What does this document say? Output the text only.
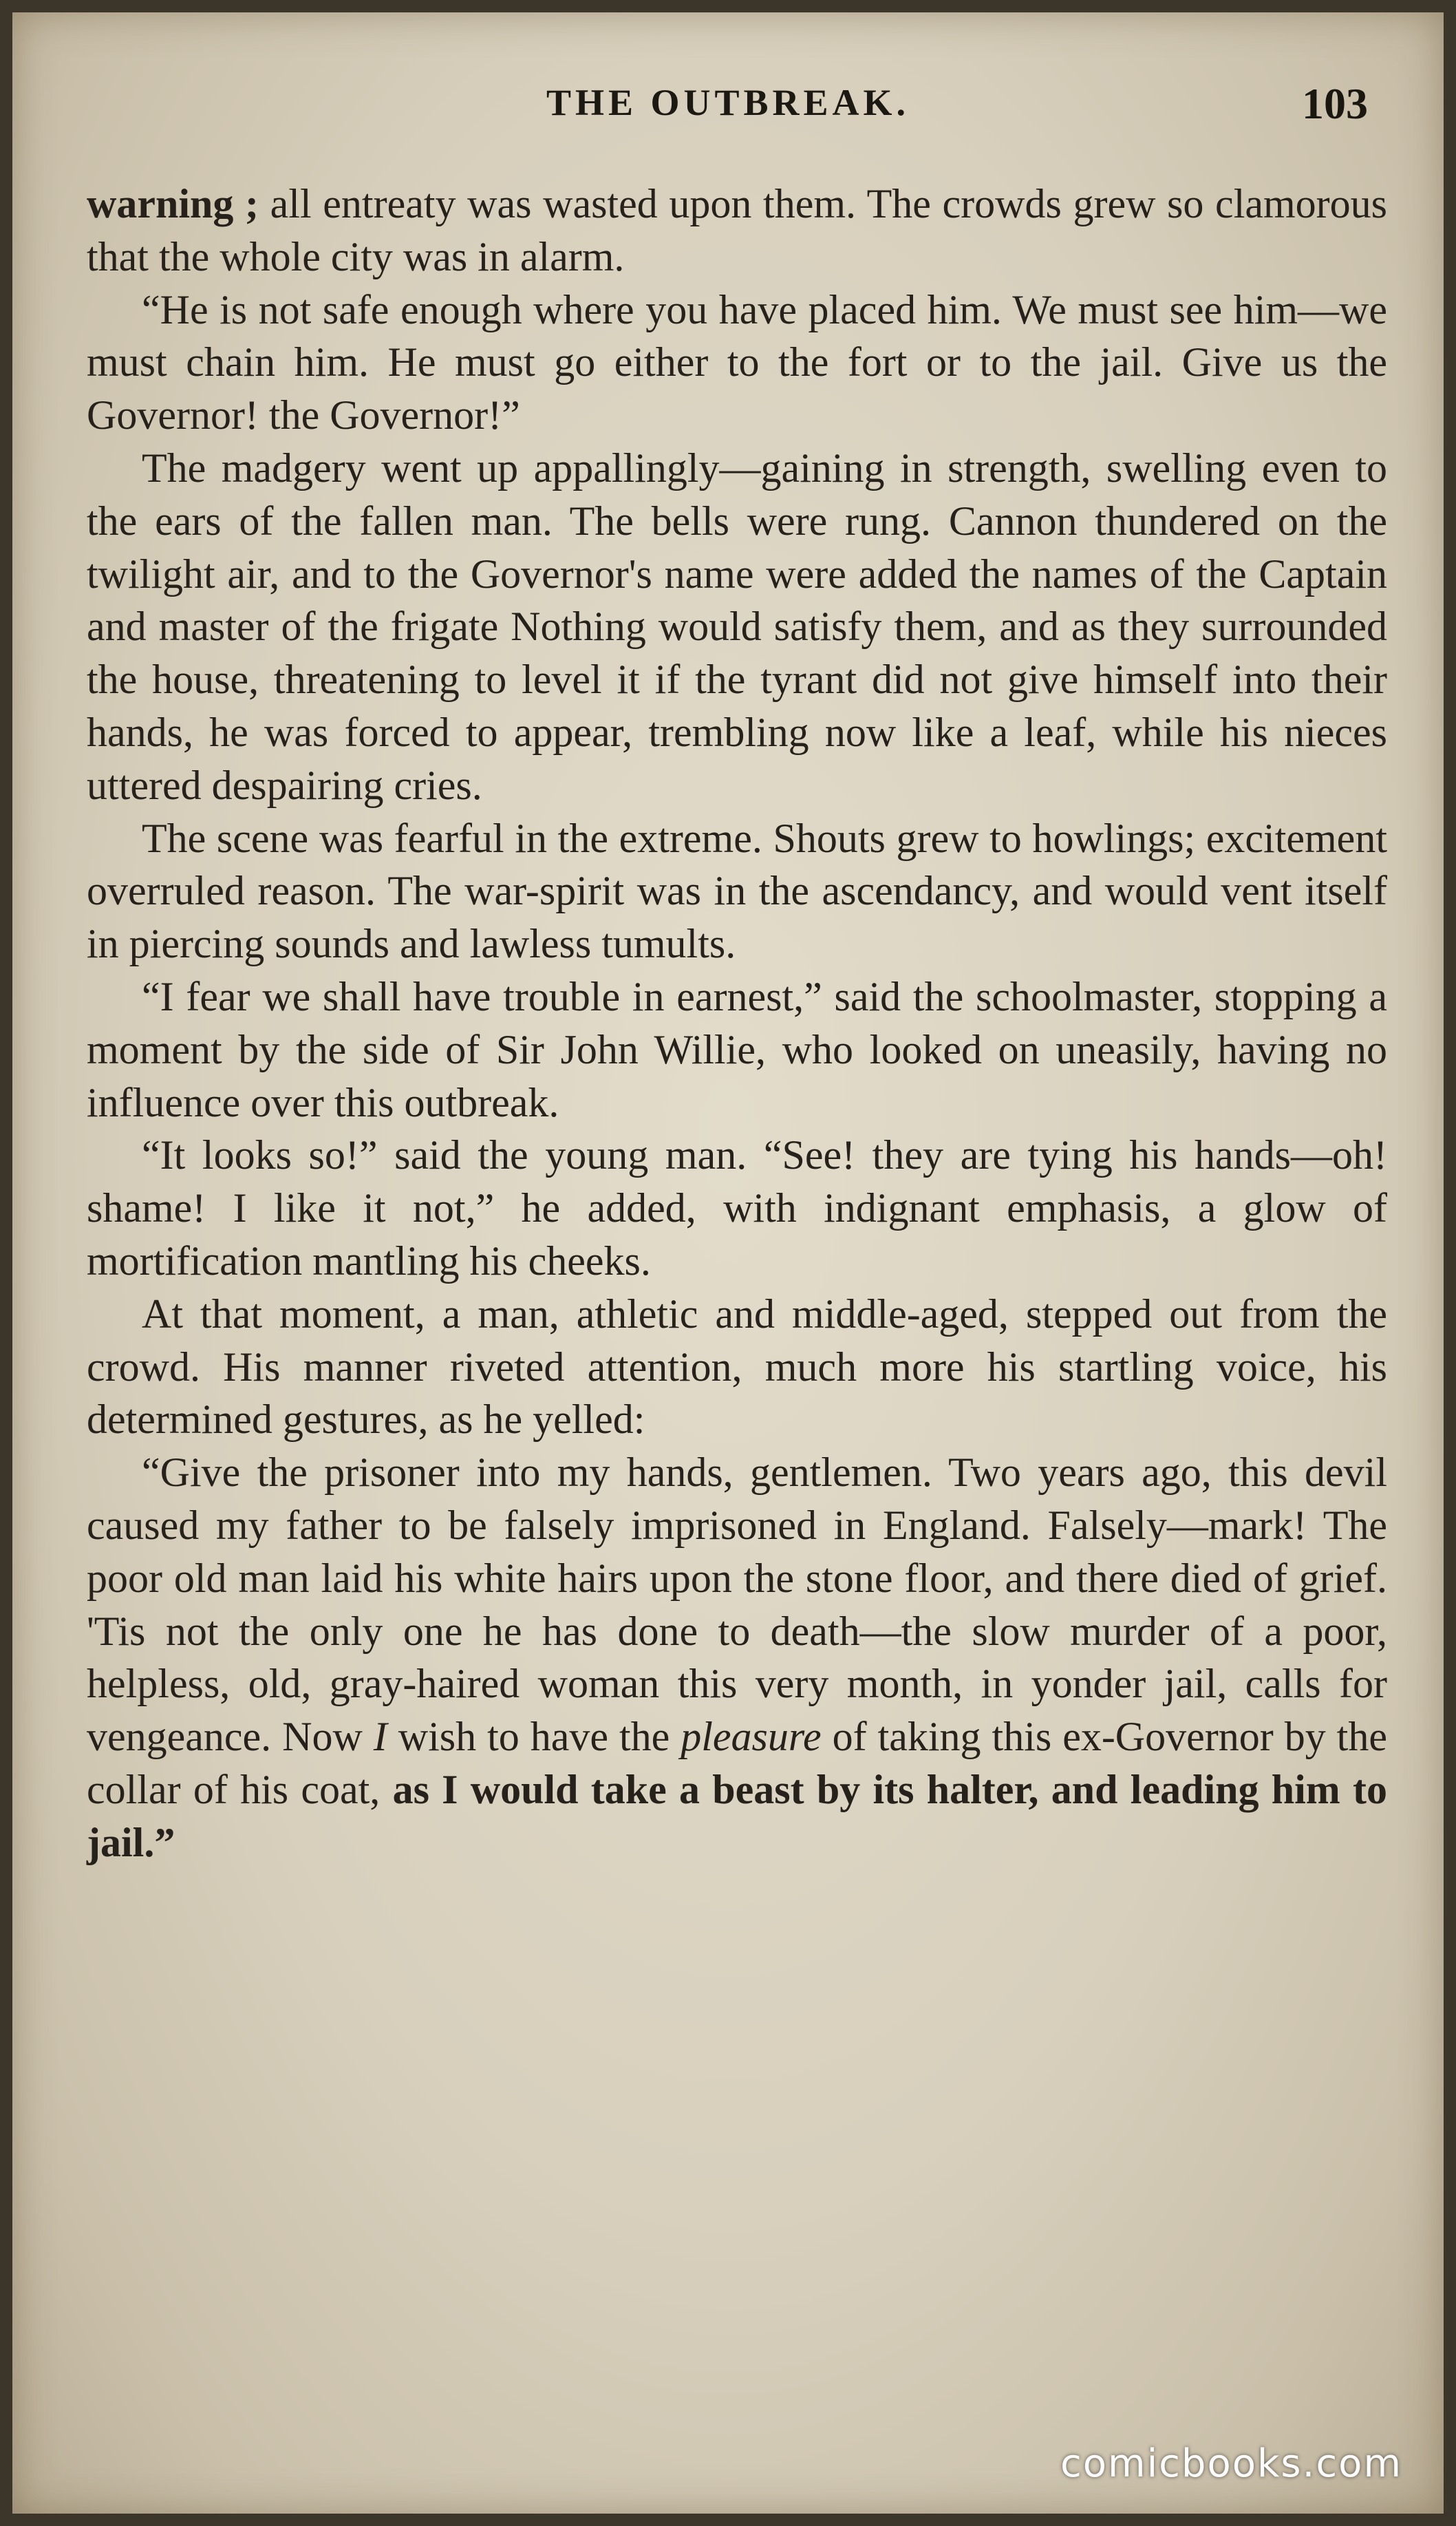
THE OUTBREAK.	103

warning ; all entreaty was wasted upon them. The crowds grew so clamorous that the whole city was in alarm.

“He is not safe enough where you have placed him. We must see him—we must chain him. He must go either to the fort or to the jail. Give us the Governor! the Governor!”

The madgery went up appallingly—gaining in strength, swelling even to the ears of the fallen man. The bells were rung. Cannon thundered on the twilight air, and to the Governor's name were added the names of the Captain and master of the frigate Nothing would satisfy them, and as they surrounded the house, threatening to level it if the tyrant did not give himself into their hands, he was forced to appear, trembling now like a leaf, while his nieces uttered despairing cries.

The scene was fearful in the extreme. Shouts grew to howlings; excitement overruled reason. The war-spirit was in the ascendancy, and would vent itself in piercing sounds and lawless tumults.

“I fear we shall have trouble in earnest,” said the schoolmaster, stopping a moment by the side of Sir John Willie, who looked on uneasily, having no influence over this outbreak.

“It looks so!” said the young man. “See! they are tying his hands—oh! shame! I like it not,” he added, with indignant emphasis, a glow of mortification mantling his cheeks.

At that moment, a man, athletic and middle-aged, stepped out from the crowd. His manner riveted attention, much more his startling voice, his determined gestures, as he yelled:

“Give the prisoner into my hands, gentlemen. Two years ago, this devil caused my father to be falsely imprisoned in England. Falsely—mark! The poor old man laid his white hairs upon the stone floor, and there died of grief. 'Tis not the only one he has done to death—the slow murder of a poor, helpless, old, gray-haired woman this very month, in yonder jail, calls for vengeance. Now I wish to have the pleasure of taking this ex-Governor by the collar of his coat, as I would take a beast by its halter, and leading him to jail.”

comicbooks.com
